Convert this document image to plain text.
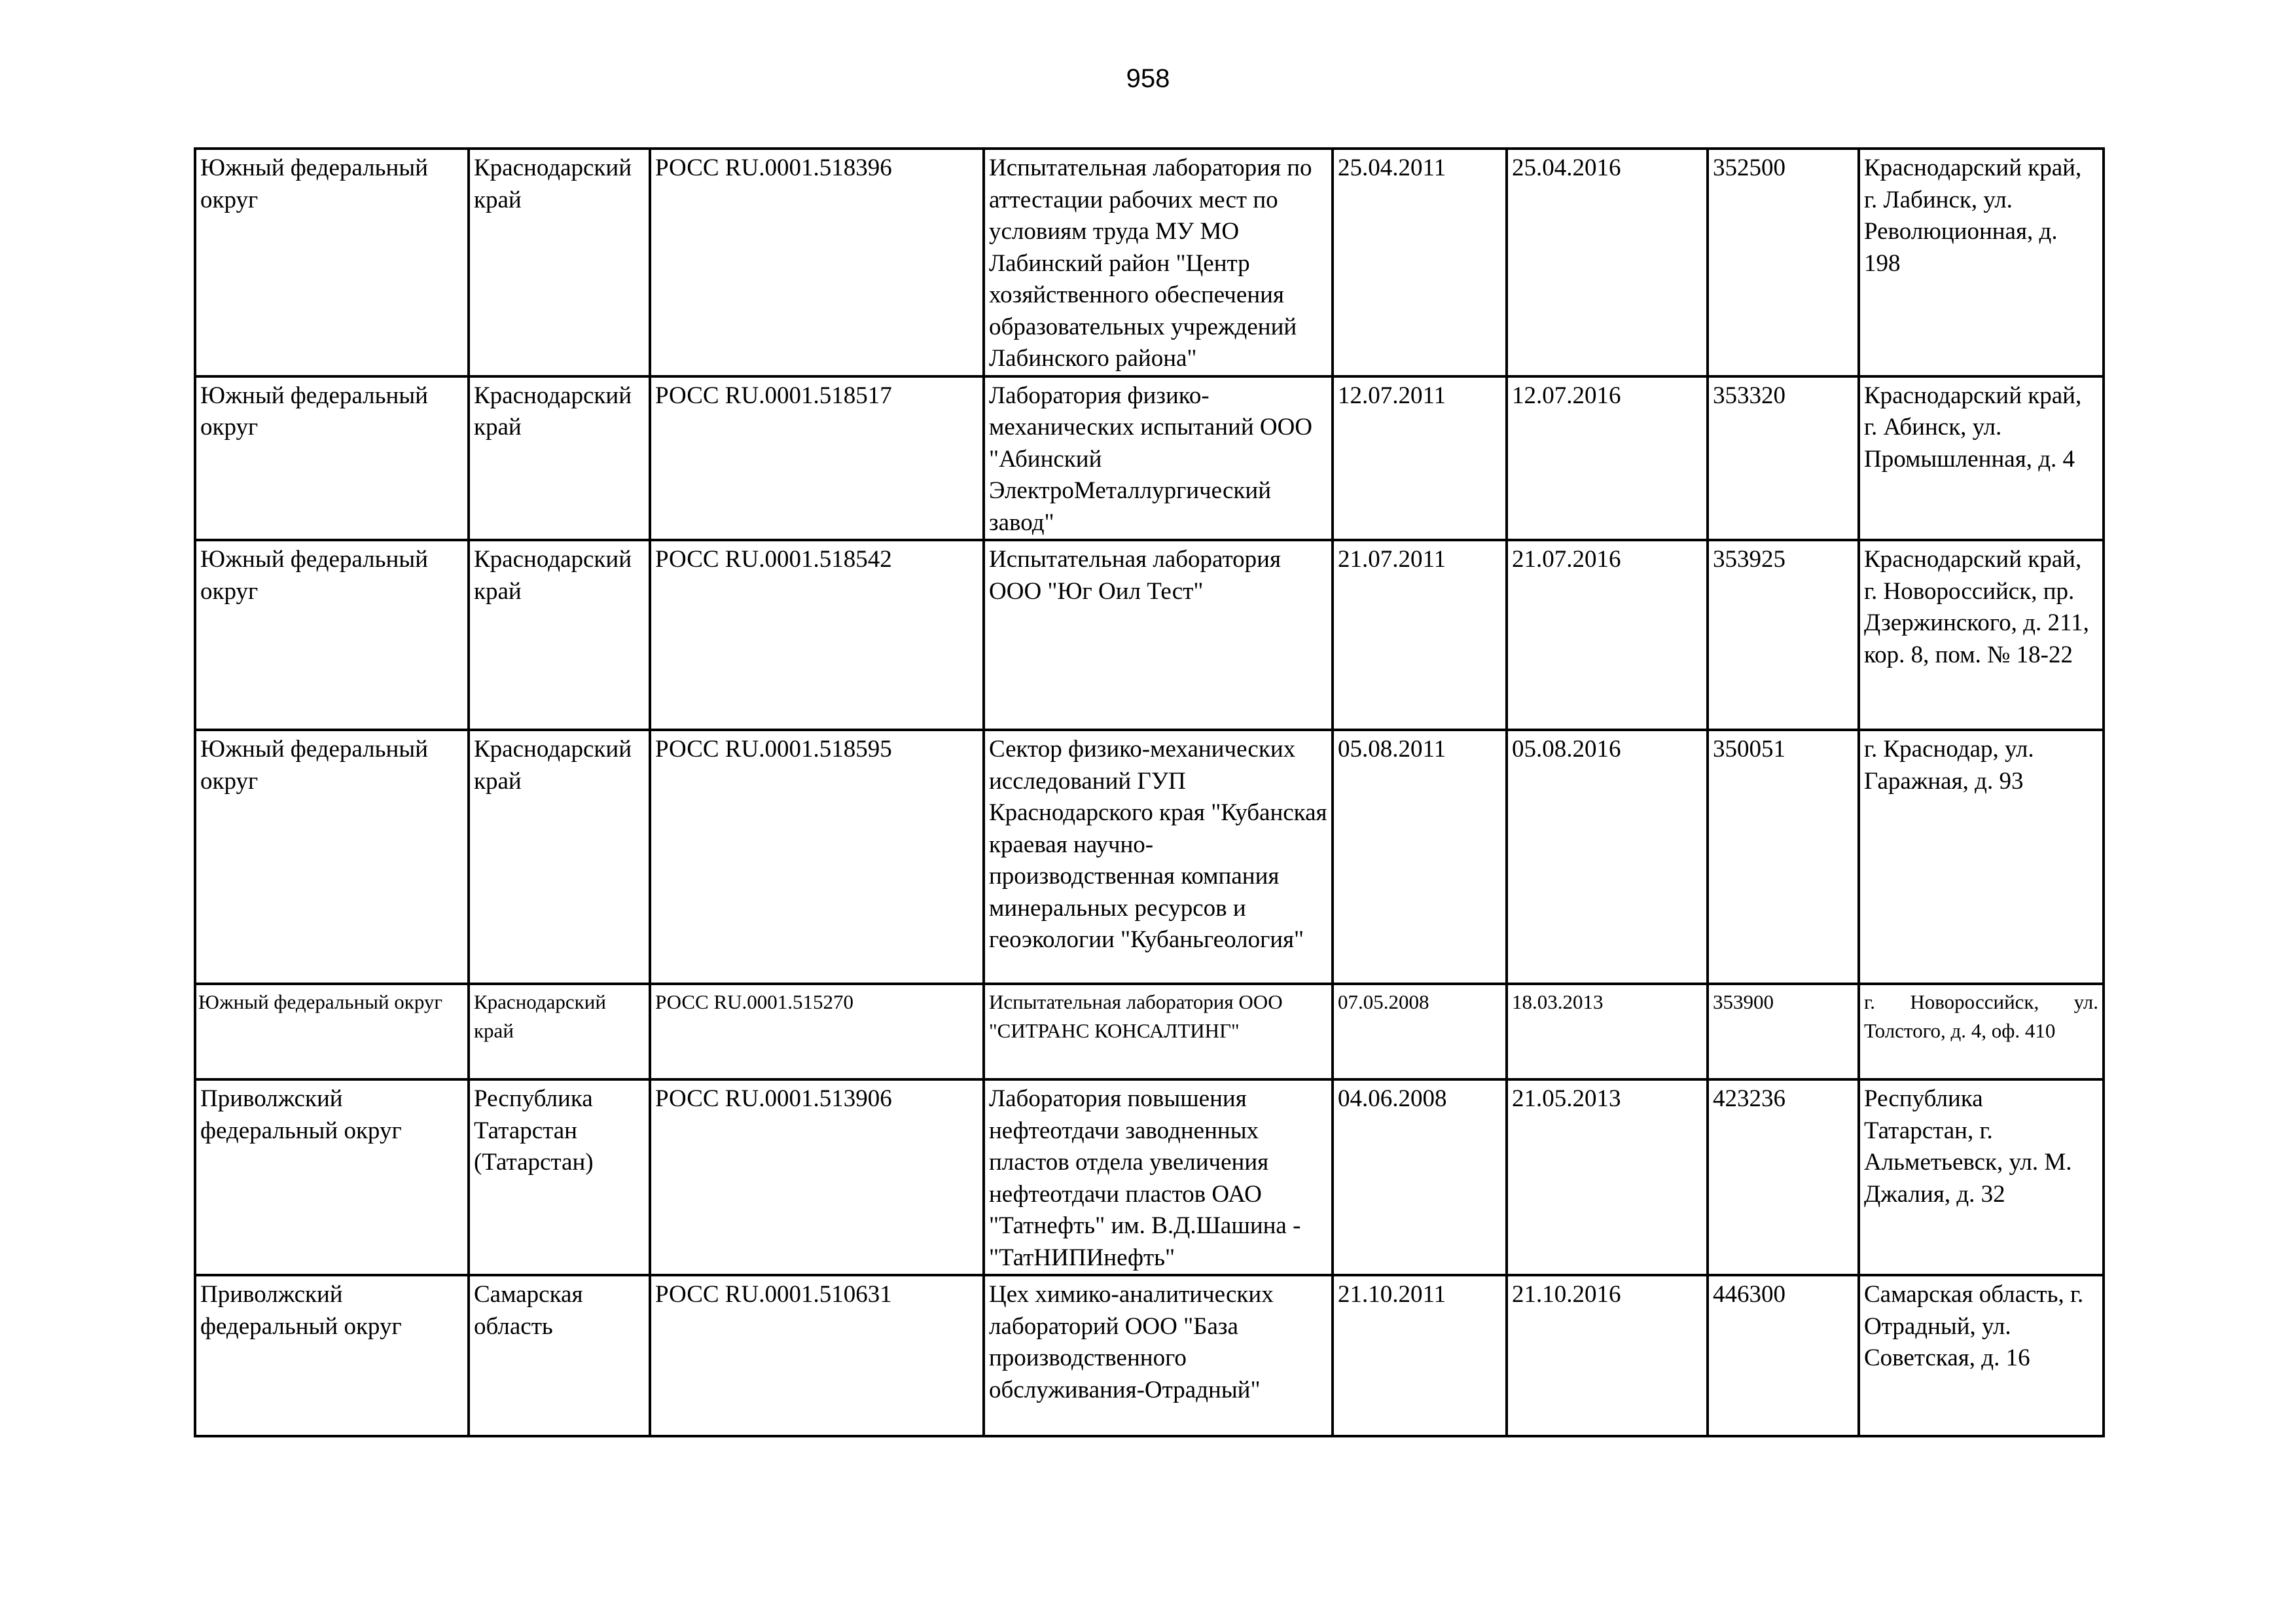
958
Южный федеральный округ	Краснодарский край	РОСС RU.0001.518396	Испытательная лаборатория по аттестации рабочих мест по условиям труда МУ МО Лабинский район "Центр хозяйственного обеспечения образовательных учреждений Лабинского района"	25.04.2011	25.04.2016	352500	Краснодарский край, г. Лабинск, ул. Революционная, д. 198
Южный федеральный округ	Краснодарский край	РОСС RU.0001.518517	Лаборатория физико-механических испытаний ООО "Абинский ЭлектроМеталлургический завод"	12.07.2011	12.07.2016	353320	Краснодарский край, г. Абинск, ул. Промышленная, д. 4
Южный федеральный округ	Краснодарский край	РОСС RU.0001.518542	Испытательная лаборатория ООО "Юг Оил Тест"	21.07.2011	21.07.2016	353925	Краснодарский край, г. Новороссийск, пр. Дзержинского, д. 211, кор. 8, пом. № 18-22
Южный федеральный округ	Краснодарский край	РОСС RU.0001.518595	Сектор физико-механических исследований ГУП Краснодарского края "Кубанская краевая научно-производственная компания минеральных ресурсов и геоэкологии "Кубаньгеология"	05.08.2011	05.08.2016	350051	г. Краснодар, ул. Гаражная, д. 93
Южный федеральный округ	Краснодарский край	РОСС RU.0001.515270	Испытательная лаборатория ООО "СИТРАНС КОНСАЛТИНГ"	07.05.2008	18.03.2013	353900	г. Новороссийск, ул. Толстого, д. 4, оф. 410
Приволжский федеральный округ	Республика Татарстан (Татарстан)	РОСС RU.0001.513906	Лаборатория повышения нефтеотдачи заводненных пластов отдела увеличения нефтеотдачи пластов ОАО "Татнефть" им. В.Д.Шашина - "ТатНИПИнефть"	04.06.2008	21.05.2013	423236	Республика Татарстан, г. Альметьевск, ул. М. Джалия, д. 32
Приволжский федеральный округ	Самарская область	РОСС RU.0001.510631	Цех химико-аналитических лабораторий ООО "База производственного обслуживания-Отрадный"	21.10.2011	21.10.2016	446300	Самарская область, г. Отрадный, ул. Советская, д. 16
